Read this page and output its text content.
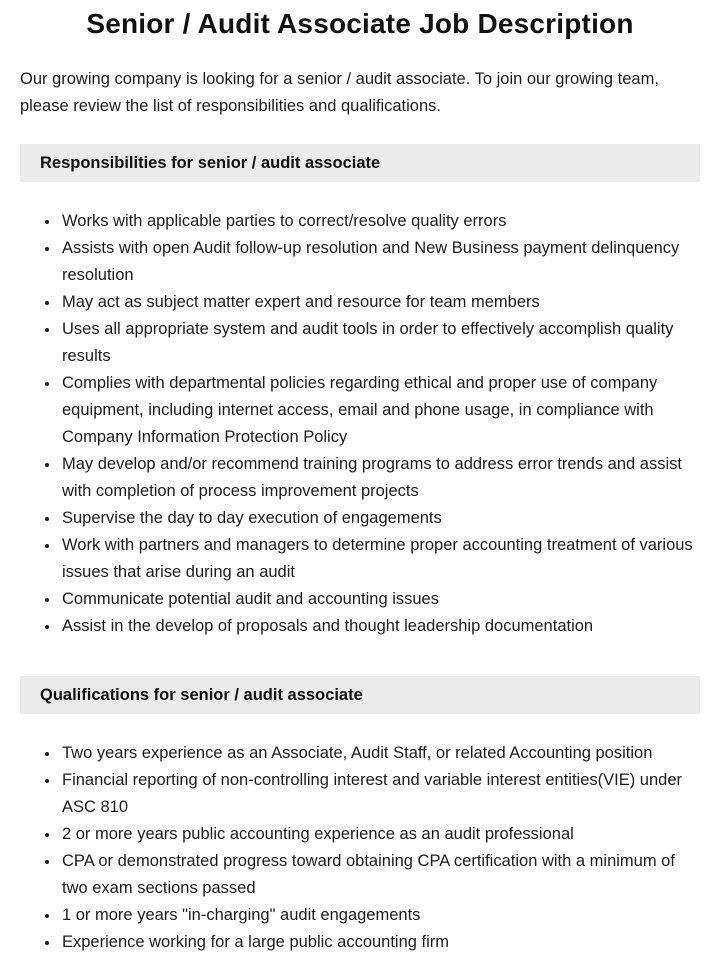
Senior / Audit Associate Job Description

Our growing company is looking for a senior / audit associate. To join our growing team, please review the list of responsibilities and qualifications.

Responsibilities for senior / audit associate
• Works with applicable parties to correct/resolve quality errors
• Assists with open Audit follow-up resolution and New Business payment delinquency resolution
• May act as subject matter expert and resource for team members
• Uses all appropriate system and audit tools in order to effectively accomplish quality results
• Complies with departmental policies regarding ethical and proper use of company equipment, including internet access, email and phone usage, in compliance with Company Information Protection Policy
• May develop and/or recommend training programs to address error trends and assist with completion of process improvement projects
• Supervise the day to day execution of engagements
• Work with partners and managers to determine proper accounting treatment of various issues that arise during an audit
• Communicate potential audit and accounting issues
• Assist in the develop of proposals and thought leadership documentation
Qualifications for senior / audit associate
• Two years experience as an Associate, Audit Staff, or related Accounting position
• Financial reporting of non-controlling interest and variable interest entities(VIE) under ASC 810
• 2 or more years public accounting experience as an audit professional
• CPA or demonstrated progress toward obtaining CPA certification with a minimum of two exam sections passed
• 1 or more years "in-charging" audit engagements
• Experience working for a large public accounting firm
